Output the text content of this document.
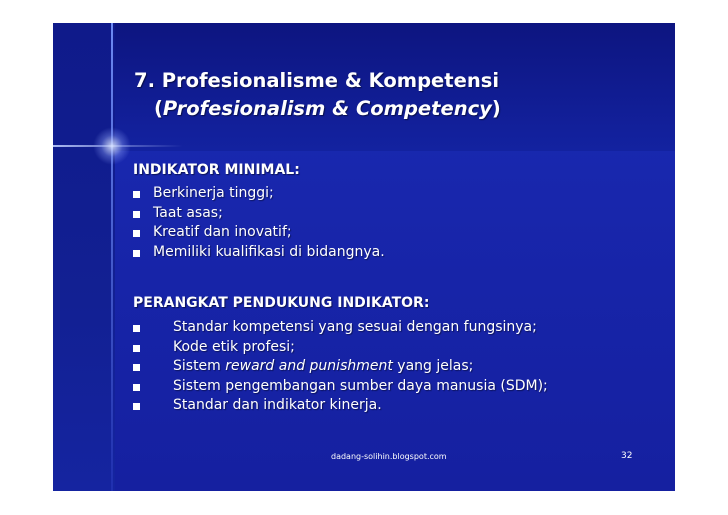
7. Profesionalisme & Kompetensi
(Profesionalism & Competency)
INDIKATOR MINIMAL:
Berkinerja tinggi;
Taat asas;
Kreatif dan inovatif;
Memiliki kualifikasi di bidangnya.
PERANGKAT PENDUKUNG INDIKATOR:
Standar kompetensi yang sesuai dengan fungsinya;
Kode etik profesi;
Sistem reward and punishment yang jelas;
Sistem pengembangan sumber daya manusia (SDM);
Standar dan indikator kinerja.
dadang-solihin.blogspot.com	32
